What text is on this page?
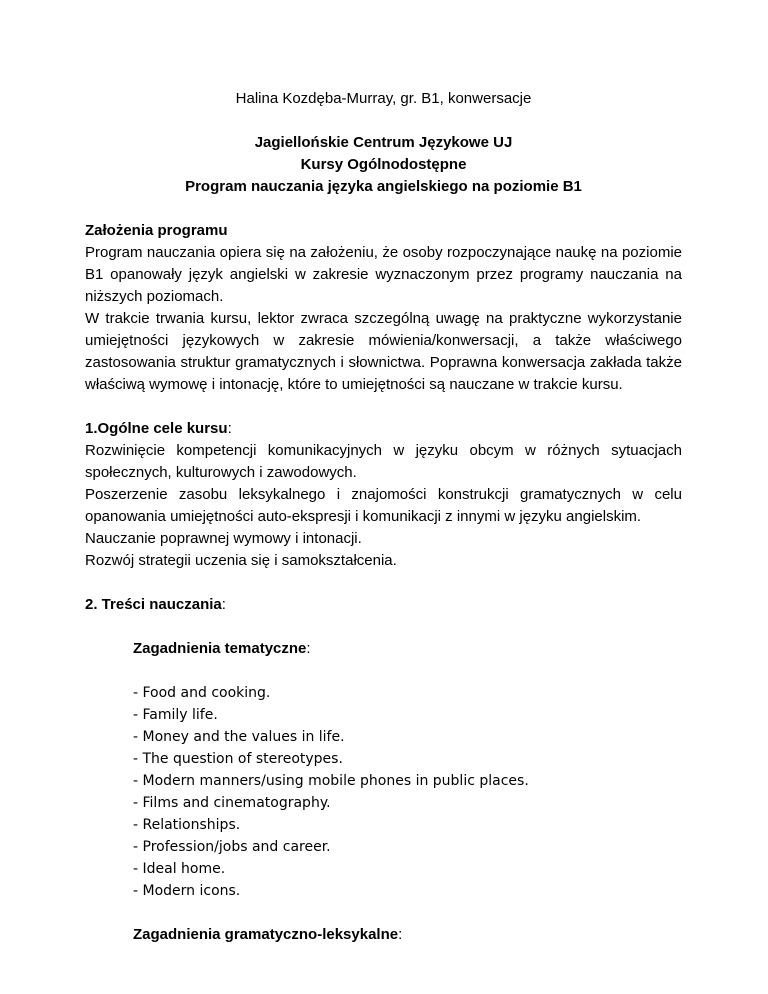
Halina Kozdęba-Murray, gr. B1, konwersacje
Jagiellońskie Centrum Językowe UJ
Kursy Ogólnodostępne
Program nauczania języka angielskiego na poziomie B1
Założenia programu

Program nauczania opiera się na założeniu, że osoby rozpoczynające naukę na poziomie B1 opanowały język angielski w zakresie wyznaczonym przez programy nauczania na niższych poziomach.

W trakcie trwania kursu, lektor zwraca szczególną uwagę na praktyczne wykorzystanie umiejętności językowych w zakresie mówienia/konwersacji, a także właściwego zastosowania struktur gramatycznych i słownictwa. Poprawna konwersacja zakłada także właściwą wymowę i intonację, które to umiejętności są nauczane w trakcie kursu.

1.Ogólne cele kursu:

Rozwinięcie kompetencji komunikacyjnych w języku obcym w różnych sytuacjach społecznych, kulturowych i zawodowych.

Poszerzenie zasobu leksykalnego i znajomości konstrukcji gramatycznych w celu opanowania umiejętności auto-ekspresji i komunikacji z innymi w języku angielskim.

Nauczanie poprawnej wymowy i intonacji.

Rozwój strategii uczenia się i samokształcenia.

2. Treści nauczania:
Zagadnienia tematyczne:
- Food and cooking.
- Family life.
- Money and the values in life.
- The question of stereotypes.
- Modern manners/using mobile phones in public places.
- Films and cinematography.
- Relationships.
- Profession/jobs and career.
- Ideal home.
- Modern icons.
Zagadnienia gramatyczno-leksykalne:
